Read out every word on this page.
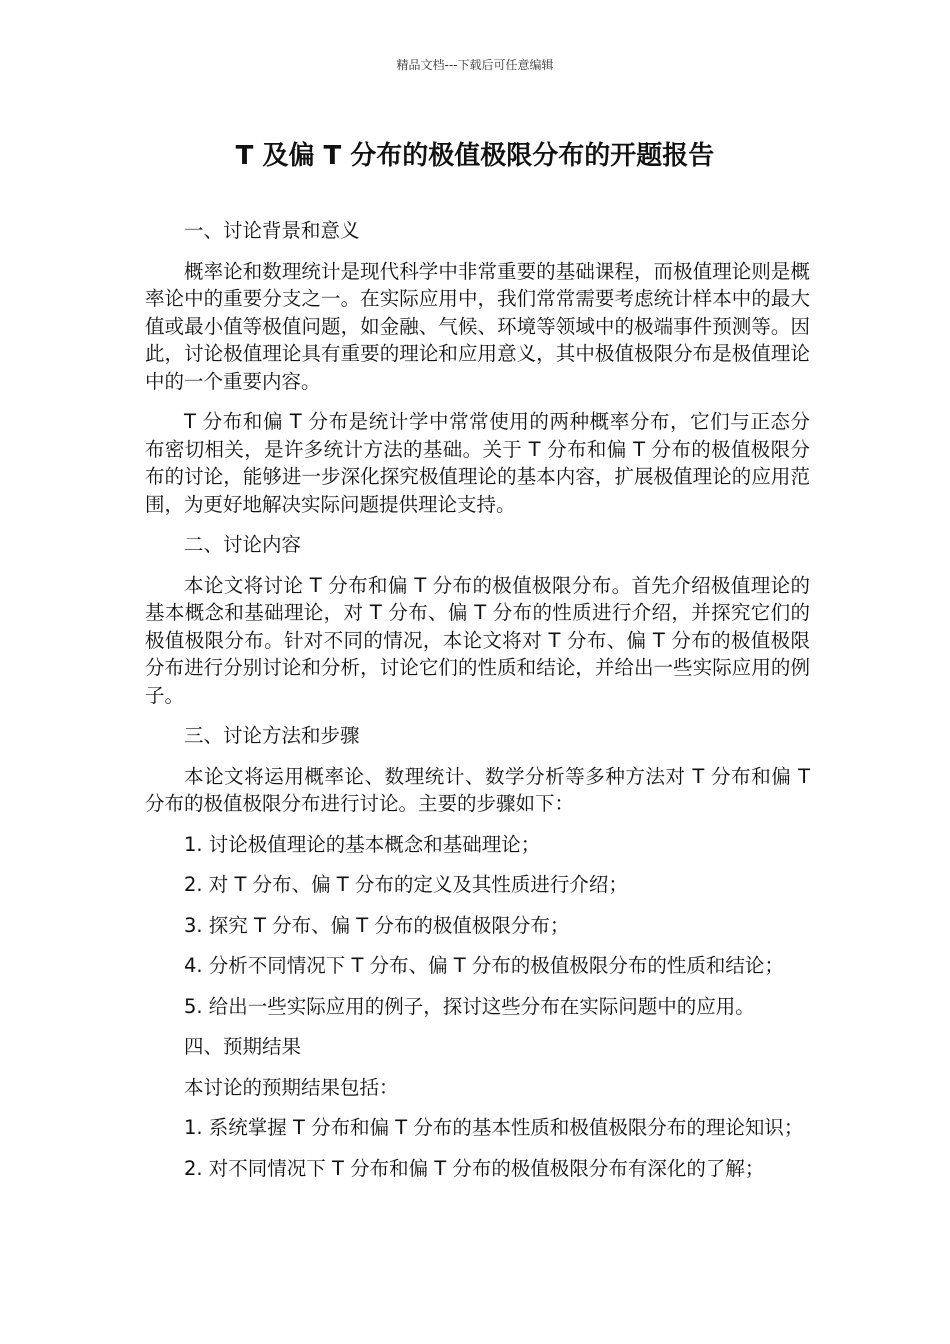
精品文档---下载后可任意编辑
T 及偏 T 分布的极值极限分布的开题报告

一、讨论背景和意义

概率论和数理统计是现代科学中非常重要的基础课程，而极值理论则是概率论中的重要分支之一。在实际应用中，我们常常需要考虑统计样本中的最大值或最小值等极值问题，如金融、气候、环境等领域中的极端事件预测等。因此，讨论极值理论具有重要的理论和应用意义，其中极值极限分布是极值理论中的一个重要内容。

T 分布和偏 T 分布是统计学中常常使用的两种概率分布，它们与正态分布密切相关，是许多统计方法的基础。关于 T 分布和偏 T 分布的极值极限分布的讨论，能够进一步深化探究极值理论的基本内容，扩展极值理论的应用范围，为更好地解决实际问题提供理论支持。

二、讨论内容

本论文将讨论 T 分布和偏 T 分布的极值极限分布。首先介绍极值理论的基本概念和基础理论，对 T 分布、偏 T 分布的性质进行介绍，并探究它们的极值极限分布。针对不同的情况，本论文将对 T 分布、偏 T 分布的极值极限分布进行分别讨论和分析，讨论它们的性质和结论，并给出一些实际应用的例子。

三、讨论方法和步骤

本论文将运用概率论、数理统计、数学分析等多种方法对 T 分布和偏 T 分布的极值极限分布进行讨论。主要的步骤如下：

1. 讨论极值理论的基本概念和基础理论；

2. 对 T 分布、偏 T 分布的定义及其性质进行介绍；

3. 探究 T 分布、偏 T 分布的极值极限分布；

4. 分析不同情况下 T 分布、偏 T 分布的极值极限分布的性质和结论；

5. 给出一些实际应用的例子，探讨这些分布在实际问题中的应用。

四、预期结果

本讨论的预期结果包括：

1. 系统掌握 T 分布和偏 T 分布的基本性质和极值极限分布的理论知识；

2. 对不同情况下 T 分布和偏 T 分布的极值极限分布有深化的了解；
